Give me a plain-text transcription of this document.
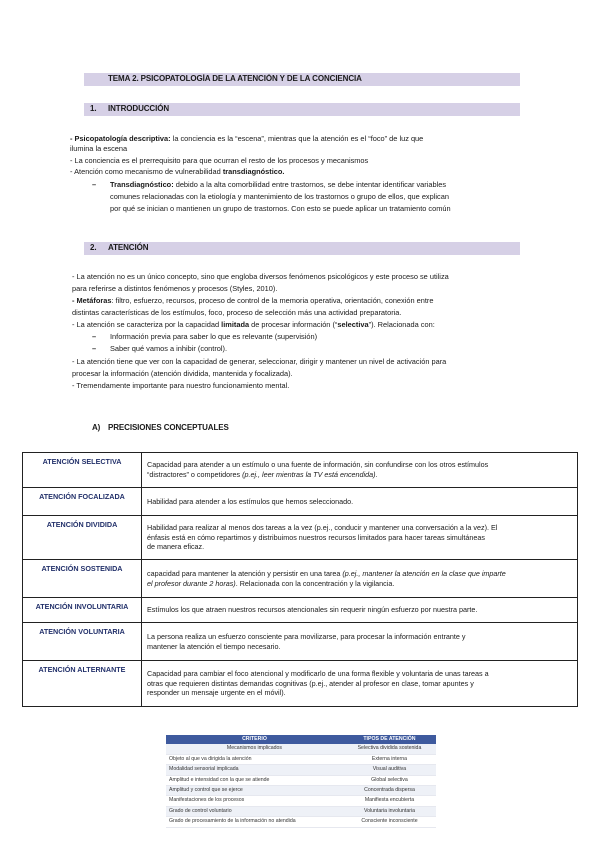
TEMA 2. PSICOPATOLOGÍA DE LA ATENCIÓN Y DE LA CONCIENCIA
1. INTRODUCCIÓN
- Psicopatología descriptiva: la conciencia es la “escena”, mientras que la atención es el “foco” de luz que
ilumina la escena
- La conciencia es el prerrequisito para que ocurran el resto de los procesos y mecanismos
- Atención como mecanismo de vulnerabilidad transdiagnóstico.
– Transdiagnóstico: debido a la alta comorbilidad entre trastornos, se debe intentar identificar variables
comunes relacionadas con la etiología y mantenimiento de los trastornos o grupo de ellos, que explican
por qué se inician o mantienen un grupo de trastornos. Con esto se puede aplicar un tratamiento común
2. ATENCIÓN
- La atención no es un único concepto, sino que engloba diversos fenómenos psicológicos y este proceso se utiliza
para referirse a distintos fenómenos y procesos (Styles, 2010).
- Metáforas: filtro, esfuerzo, recursos, proceso de control de la memoria operativa, orientación, conexión entre
distintas características de los estímulos, foco, proceso de selección más una actividad preparatoria.
- La atención se caracteriza por la capacidad limitada de procesar información (“selectiva”). Relacionada con:
– Información previa para saber lo que es relevante (supervisión)
– Saber qué vamos a inhibir (control).
- La atención tiene que ver con la capacidad de generar, seleccionar, dirigir y mantener un nivel de activación para
procesar la información (atención dividida, mantenida y focalizada).
- Tremendamente importante para nuestro funcionamiento mental.
A) PRECISIONES CONCEPTUALES
ATENCIÓN SELECTIVA	Capacidad para atender a un estímulo o una fuente de información, sin confundirse con los otros estímulos
“distractores” o competidores (p.ej., leer mientras la TV está encendida).
ATENCIÓN FOCALIZADA	Habilidad para atender a los estímulos que hemos seleccionado.
ATENCIÓN DIVIDIDA	Habilidad para realizar al menos dos tareas a la vez (p.ej., conducir y mantener una conversación a la vez). El
énfasis está en cómo repartimos y distribuimos nuestros recursos limitados para hacer tareas simultáneas
de manera eficaz.
ATENCIÓN SOSTENIDA	capacidad para mantener la atención y persistir en una tarea (p.ej., mantener la atención en la clase que imparte
el profesor durante 2 horas). Relacionada con la concentración y la vigilancia.
ATENCIÓN INVOLUNTARIA	Estímulos los que atraen nuestros recursos atencionales sin requerir ningún esfuerzo por nuestra parte.
ATENCIÓN VOLUNTARIA	La persona realiza un esfuerzo consciente para movilizarse, para procesar la información entrante y
mantener la atención el tiempo necesario.
ATENCIÓN ALTERNANTE	Capacidad para cambiar el foco atencional y modificarlo de una forma flexible y voluntaria de unas tareas a
otras que requieren distintas demandas cognitivas (p.ej., atender al profesor en clase, tomar apuntes y
responder un mensaje urgente en el móvil).
CRITERIO	TIPOS DE ATENCIÓN
Mecanismos implicados	Selectiva dividida sostenida
Objeto al que va dirigida la atención	Externa interna
Modalidad sensorial implicada	Visual auditiva
Amplitud e intensidad con la que se atiende	Global selectiva
Amplitud y control que se ejerce	Concentrada dispersa
Manifestaciones de los procesos	Manifiesta encubierta
Grado de control voluntario	Voluntaria involuntaria
Grado de procesamiento de la información no atendida	Consciente inconsciente
